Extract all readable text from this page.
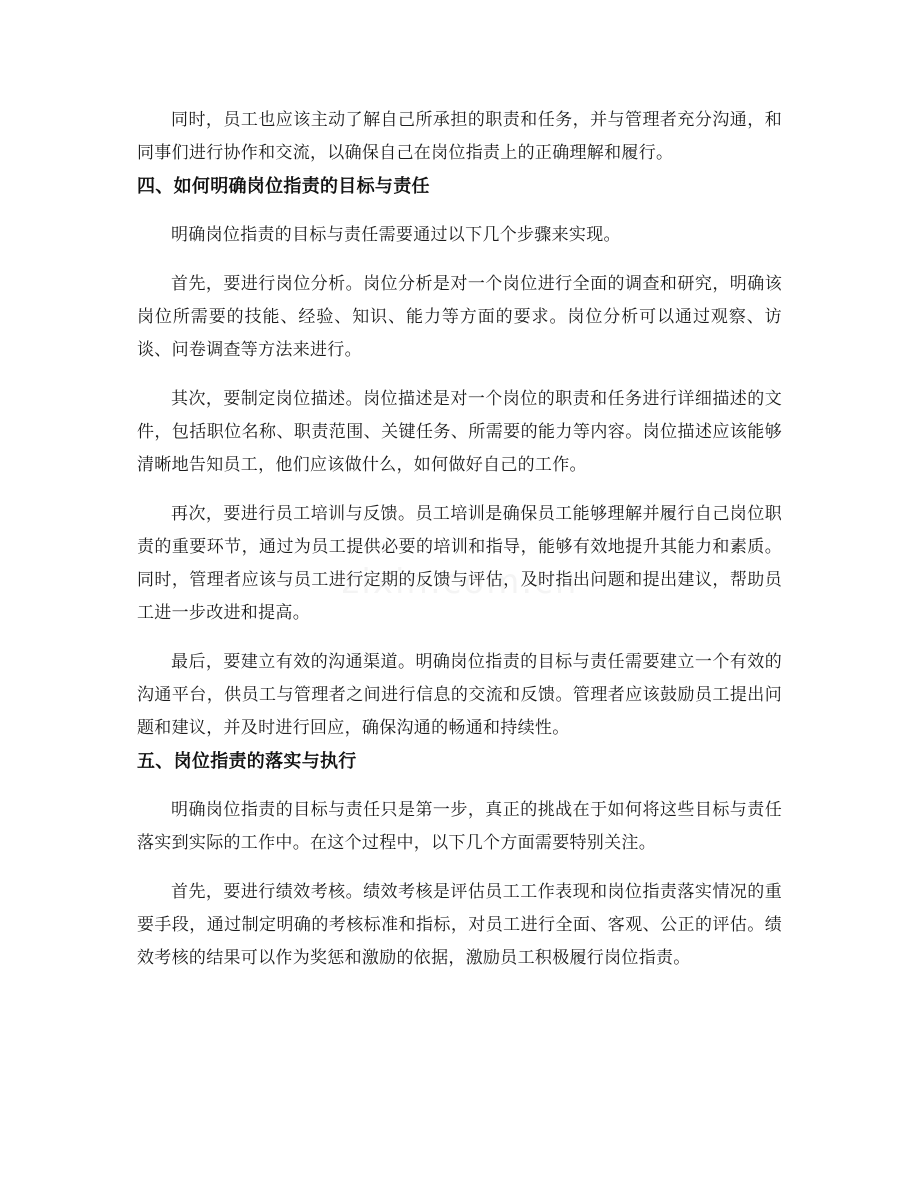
同时，员工也应该主动了解自己所承担的职责和任务，并与管理者充分沟通，和同事们进行协作和交流，以确保自己在岗位指责上的正确理解和履行。

四、如何明确岗位指责的目标与责任

明确岗位指责的目标与责任需要通过以下几个步骤来实现。

首先，要进行岗位分析。岗位分析是对一个岗位进行全面的调查和研究，明确该岗位所需要的技能、经验、知识、能力等方面的要求。岗位分析可以通过观察、访谈、问卷调查等方法来进行。

其次，要制定岗位描述。岗位描述是对一个岗位的职责和任务进行详细描述的文件，包括职位名称、职责范围、关键任务、所需要的能力等内容。岗位描述应该能够清晰地告知员工，他们应该做什么，如何做好自己的工作。

再次，要进行员工培训与反馈。员工培训是确保员工能够理解并履行自己岗位职责的重要环节，通过为员工提供必要的培训和指导，能够有效地提升其能力和素质。同时，管理者应该与员工进行定期的反馈与评估，及时指出问题和提出建议，帮助员工进一步改进和提高。

最后，要建立有效的沟通渠道。明确岗位指责的目标与责任需要建立一个有效的沟通平台，供员工与管理者之间进行信息的交流和反馈。管理者应该鼓励员工提出问题和建议，并及时进行回应，确保沟通的畅通和持续性。

五、岗位指责的落实与执行

明确岗位指责的目标与责任只是第一步，真正的挑战在于如何将这些目标与责任落实到实际的工作中。在这个过程中，以下几个方面需要特别关注。

首先，要进行绩效考核。绩效考核是评估员工工作表现和岗位指责落实情况的重要手段，通过制定明确的考核标准和指标，对员工进行全面、客观、公正的评估。绩效考核的结果可以作为奖惩和激励的依据，激励员工积极履行岗位指责。
